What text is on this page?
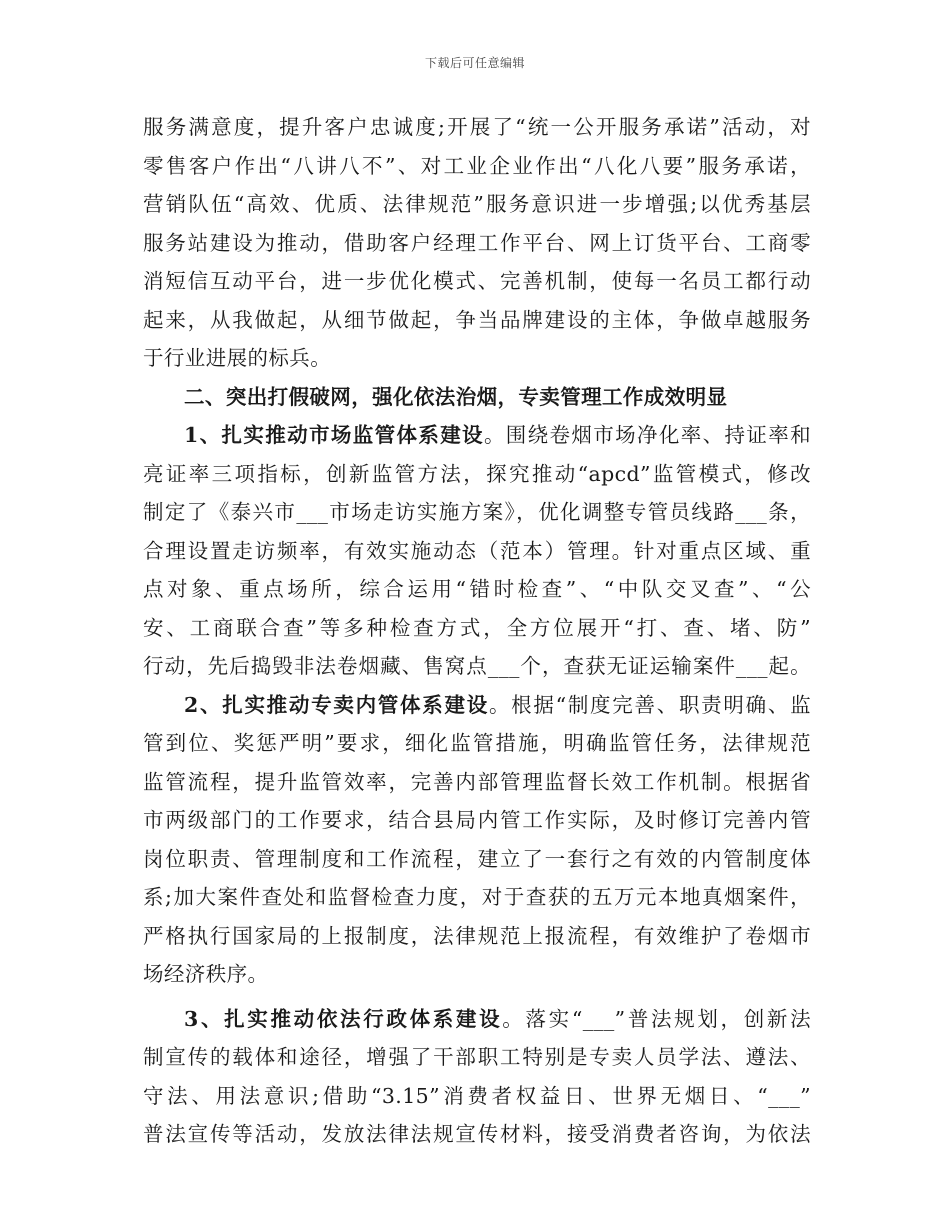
下载后可任意编辑
服务满意度，提升客户忠诚度;开展了“统一公开服务承诺”活动，对
零售客户作出“八讲八不”、对工业企业作出“八化八要”服务承诺，
营销队伍“高效、优质、法律规范”服务意识进一步增强;以优秀基层
服务站建设为推动，借助客户经理工作平台、网上订货平台、工商零
消短信互动平台，进一步优化模式、完善机制，使每一名员工都行动
起来，从我做起，从细节做起，争当品牌建设的主体，争做卓越服务
于行业进展的标兵。
二、突出打假破网，强化依法治烟，专卖管理工作成效明显
1、扎实推动市场监管体系建设。围绕卷烟市场净化率、持证率和
亮证率三项指标，创新监管方法，探究推动“apcd”监管模式，修改
制定了《泰兴市___市场走访实施方案》，优化调整专管员线路___条，
合理设置走访频率，有效实施动态（范本）管理。针对重点区域、重
点对象、重点场所，综合运用“错时检查”、“中队交叉查”、“公
安、工商联合查”等多种检查方式，全方位展开“打、查、堵、防”
行动，先后捣毁非法卷烟藏、售窝点___个，查获无证运输案件___起。
2、扎实推动专卖内管体系建设。根据“制度完善、职责明确、监
管到位、奖惩严明”要求，细化监管措施，明确监管任务，法律规范
监管流程，提升监管效率，完善内部管理监督长效工作机制。根据省
市两级部门的工作要求，结合县局内管工作实际，及时修订完善内管
岗位职责、管理制度和工作流程，建立了一套行之有效的内管制度体
系;加大案件查处和监督检查力度，对于查获的五万元本地真烟案件，
严格执行国家局的上报制度，法律规范上报流程，有效维护了卷烟市
场经济秩序。
3、扎实推动依法行政体系建设。落实“___”普法规划，创新法
制宣传的载体和途径，增强了干部职工特别是专卖人员学法、遵法、
守法、用法意识;借助“3.15”消费者权益日、世界无烟日、“___”
普法宣传等活动，发放法律法规宣传材料，接受消费者咨询，为依法
